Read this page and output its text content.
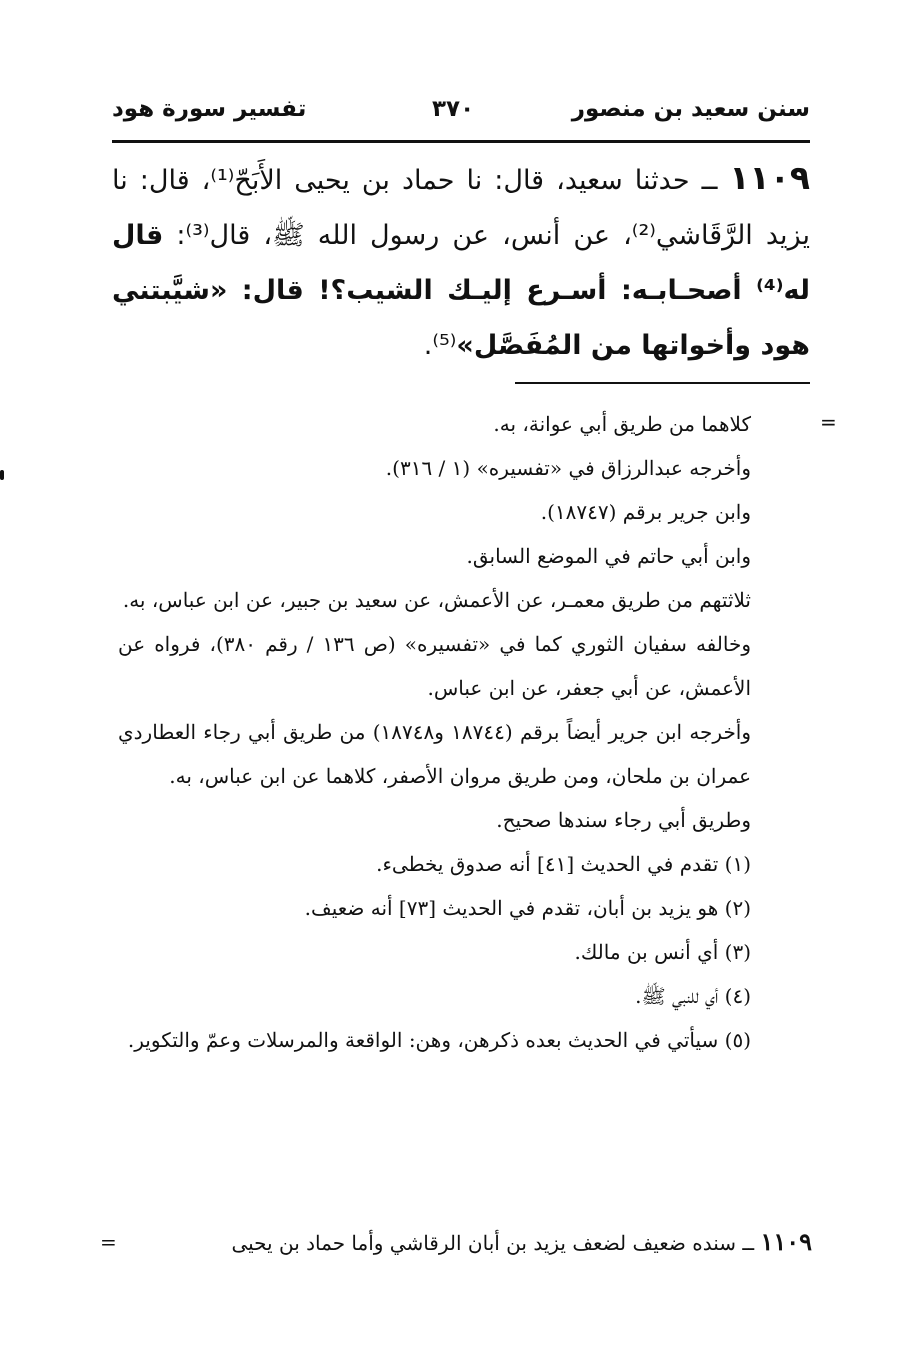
سنن سعيد بن منصور
٣٧٠
تفسير سورة هود
١١٠٩ ــ حدثنا سعيد، قال: نا حماد بن يحيى الأَبَحّ⁽¹⁾، قال: نا يزيد الرَّقَاشي⁽²⁾، عن أنس، عن رسول الله ﷺ، قال⁽³⁾: قال له⁽⁴⁾ أصحـابـه: أسـرع إليـك الشيب؟! قال: «شيَّبتني هود وأخواتها من المُفَصَّل»⁽⁵⁾.
=

كلاهما من طريق أبي عوانة، به.

وأخرجه عبدالرزاق في «تفسيره» (١ / ٣١٦).

وابن جرير برقم (١٨٧٤٧).

وابن أبي حاتم في الموضع السابق.

ثلاثتهم من طريق معمـر، عن الأعمش، عن سعيد بن جبير، عن ابن عباس، به.

وخالفه سفيان الثوري كما في «تفسيره» (ص ١٣٦ / رقم ٣٨٠)، فرواه عن الأعمش، عن أبي جعفر، عن ابن عباس.

وأخرجه ابن جرير أيضاً برقم (١٨٧٤٤ و١٨٧٤٨) من طريق أبي رجاء العطاردي عمران بن ملحان، ومن طريق مروان الأصفر، كلاهما عن ابن عباس، به.

وطريق أبي رجاء سندها صحيح.

(١) تقدم في الحديث [٤١] أنه صدوق يخطىء.

(٢) هو يزيد بن أبان، تقدم في الحديث [٧٣] أنه ضعيف.

(٣) أي أنس بن مالك.

(٤) أي للنبي ﷺ.

(٥) سيأتي في الحديث بعده ذكرهن، وهن: الواقعة والمرسلات وعمّ والتكوير.

١١٠٩ ــ سنده ضعيف لضعف يزيد بن أبان الرقاشي وأما حماد بن يحيى
=
